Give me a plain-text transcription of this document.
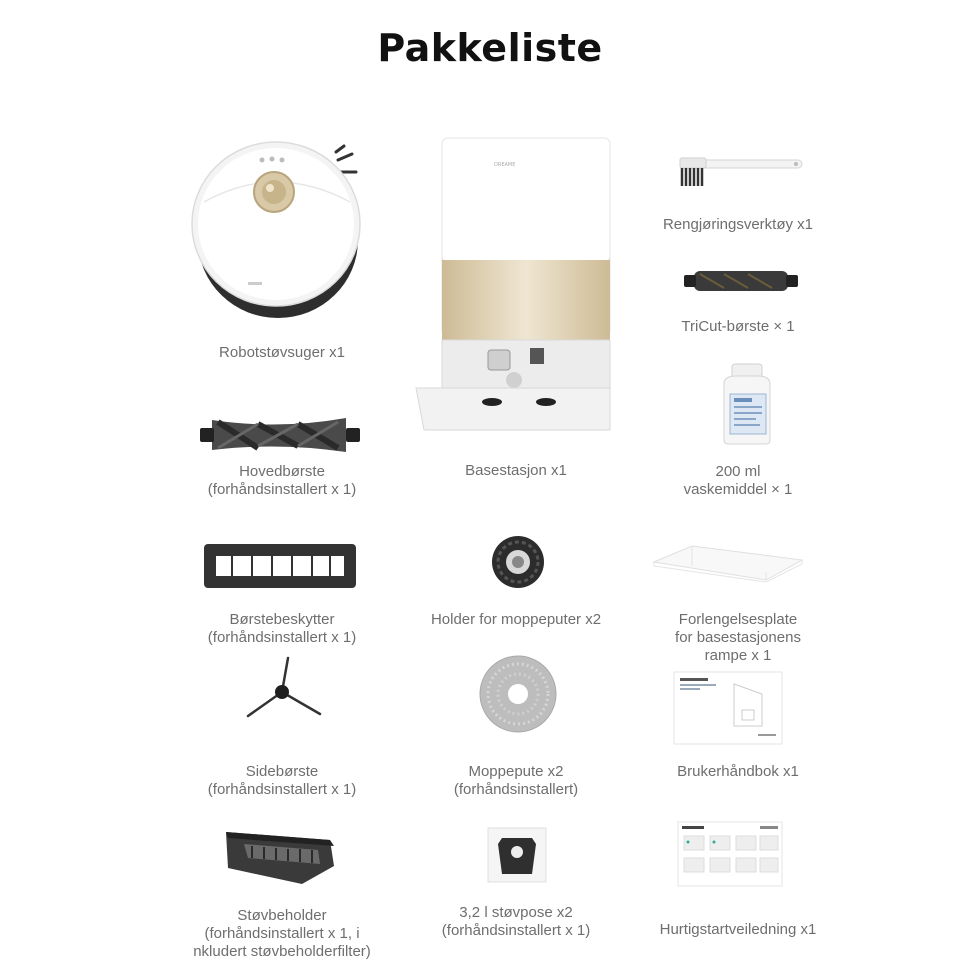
Pakkeliste
Robotstøvsuger x1
DREAME
Basestasjon x1
Rengjøringsverktøy x1
TriCut-børste × 1
Hovedbørste
(forhåndsinstallert x 1)
200 ml
vaskemiddel × 1
Børstebeskytter
(forhåndsinstallert x 1)
Holder for moppeputer x2	Forlengelsesplate
for basestasjonens
rampe x 1
Sidebørste
(forhåndsinstallert x 1)
Moppepute x2
(forhåndsinstallert)
Brukerhåndbok x1
Støvbeholder
(forhåndsinstallert x 1, i
nkludert støvbeholderfilter)
3,2 l støvpose x2
(forhåndsinstallert x 1)	Hurtigstartveiledning x1
